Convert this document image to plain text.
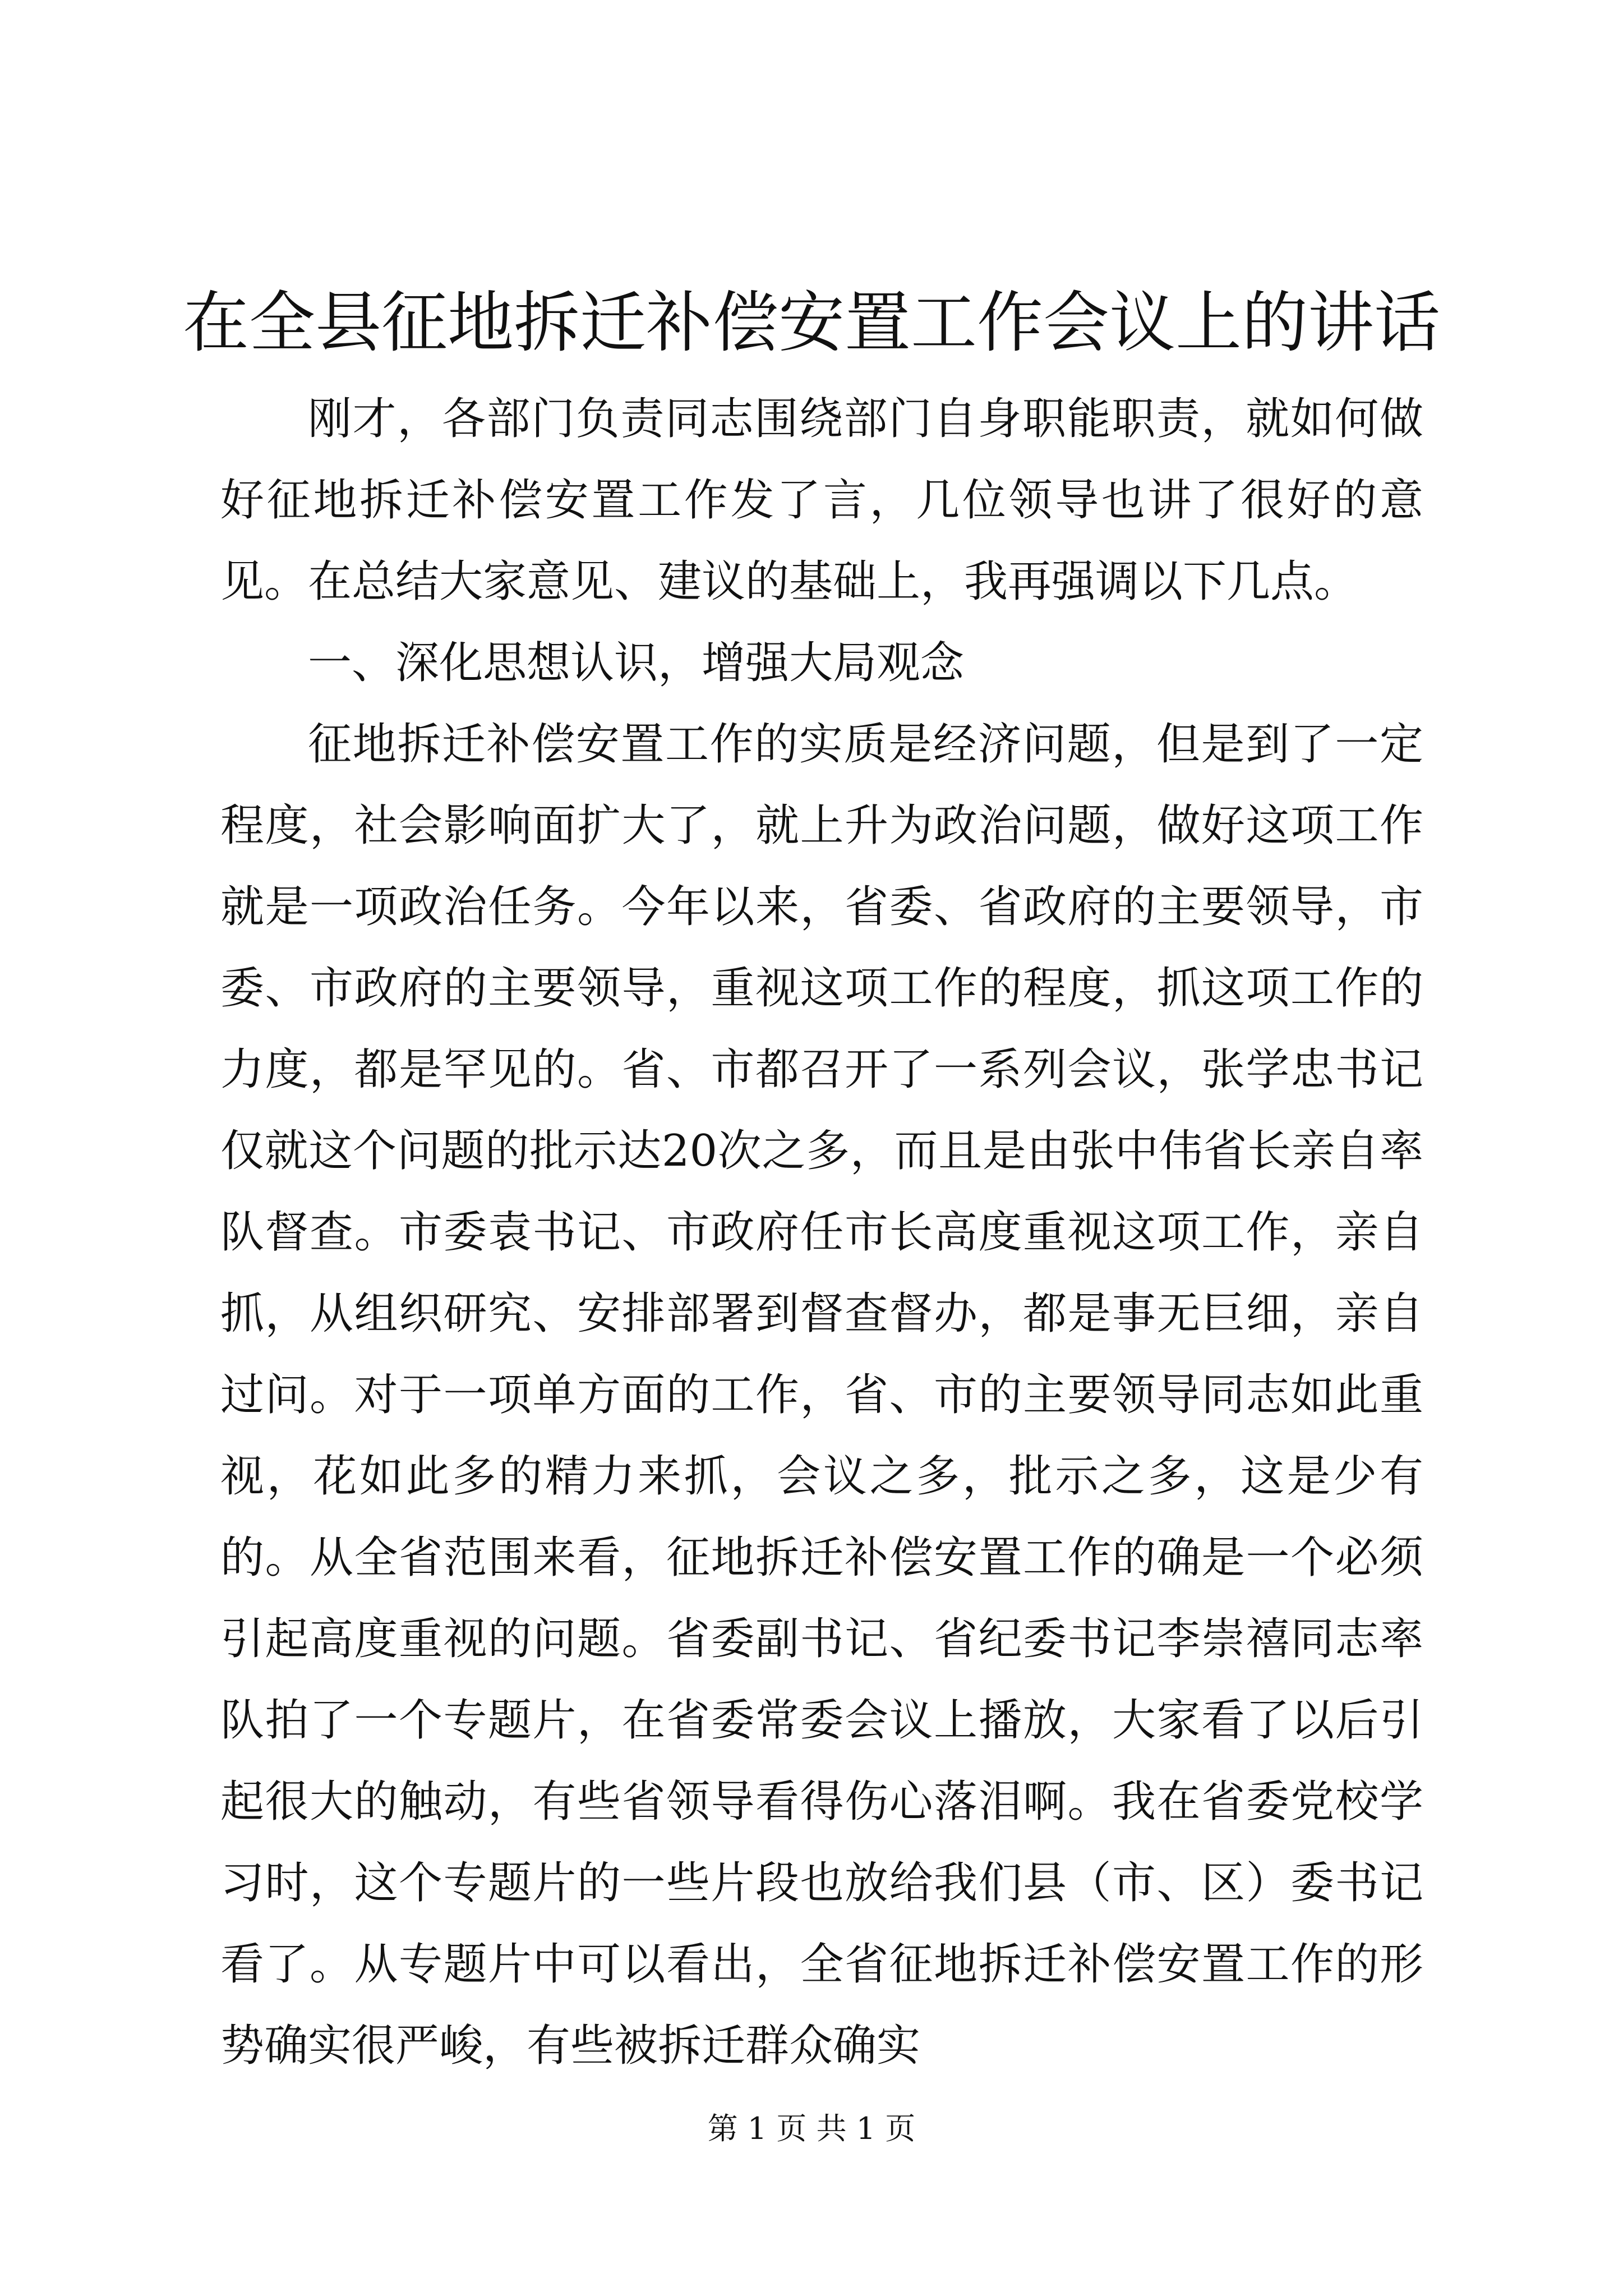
在全县征地拆迁补偿安置工作会议上的讲话

刚才，各部门负责同志围绕部门自身职能职责，就如何做好征地拆迁补偿安置工作发了言，几位领导也讲了很好的意见。在总结大家意见、建议的基础上，我再强调以下几点。

一、深化思想认识，增强大局观念

征地拆迁补偿安置工作的实质是经济问题，但是到了一定程度，社会影响面扩大了，就上升为政治问题，做好这项工作就是一项政治任务。今年以来，省委、省政府的主要领导，市委、市政府的主要领导，重视这项工作的程度，抓这项工作的力度，都是罕见的。省、市都召开了一系列会议，张学忠书记仅就这个问题的批示达20次之多，而且是由张中伟省长亲自率队督查。市委袁书记、市政府任市长高度重视这项工作，亲自抓，从组织研究、安排部署到督查督办，都是事无巨细，亲自过问。对于一项单方面的工作，省、市的主要领导同志如此重视，花如此多的精力来抓，会议之多，批示之多，这是少有的。从全省范围来看，征地拆迁补偿安置工作的确是一个必须引起高度重视的问题。省委副书记、省纪委书记李崇禧同志率队拍了一个专题片，在省委常委会议上播放，大家看了以后引起很大的触动，有些省领导看得伤心落泪啊。我在省委党校学习时，这个专题片的一些片段也放给我们县（市、区）委书记看了。从专题片中可以看出，全省征地拆迁补偿安置工作的形势确实很严峻，有些被拆迁群众确实

第 1 页 共 1 页
